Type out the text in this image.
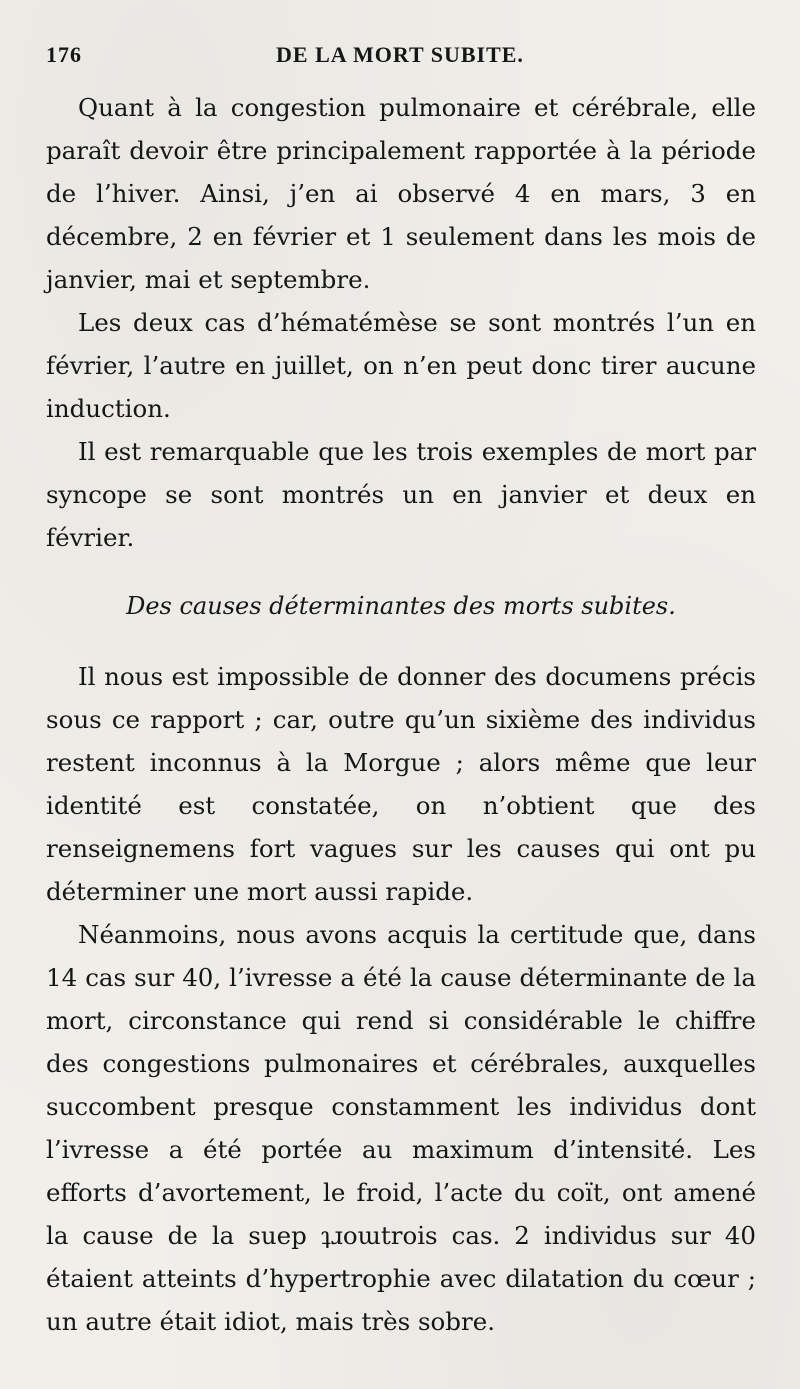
176	DE LA MORT SUBITE.

Quant à la congestion pulmonaire et cérébrale, elle paraît devoir être principalement rapportée à la période de l’hiver. Ainsi, j’en ai observé 4 en mars, 3 en décembre, 2 en février et 1 seulement dans les mois de janvier, mai et septembre.

Les deux cas d’hématémèse se sont montrés l’un en février, l’autre en juillet, on n’en peut donc tirer aucune induction.

Il est remarquable que les trois exemples de mort par syncope se sont montrés un en janvier et deux en février.

Des causes déterminantes des morts subites.

Il nous est impossible de donner des documens précis sous ce rapport ; car, outre qu’un sixième des individus restent inconnus à la Morgue ; alors même que leur identité est constatée, on n’obtient que des renseignemens fort vagues sur les causes qui ont pu déterminer une mort aussi rapide.

Néanmoins, nous avons acquis la certitude que, dans 14 cas sur 40, l’ivresse a été la cause déterminante de la mort, circonstance qui rend si considérable le chiffre des congestions pulmonaires et cérébrales, auxquelles succombent presque constamment les individus dont l’ivresse a été portée au maximum d’intensité. Les efforts d’avortement, le froid, l’acte du coït, ont amené la cause de la suep ʇɹoɯtrois cas. 2 individus sur 40 étaient atteints d’hypertrophie avec dilatation du cœur ; un autre était idiot, mais très sobre.
